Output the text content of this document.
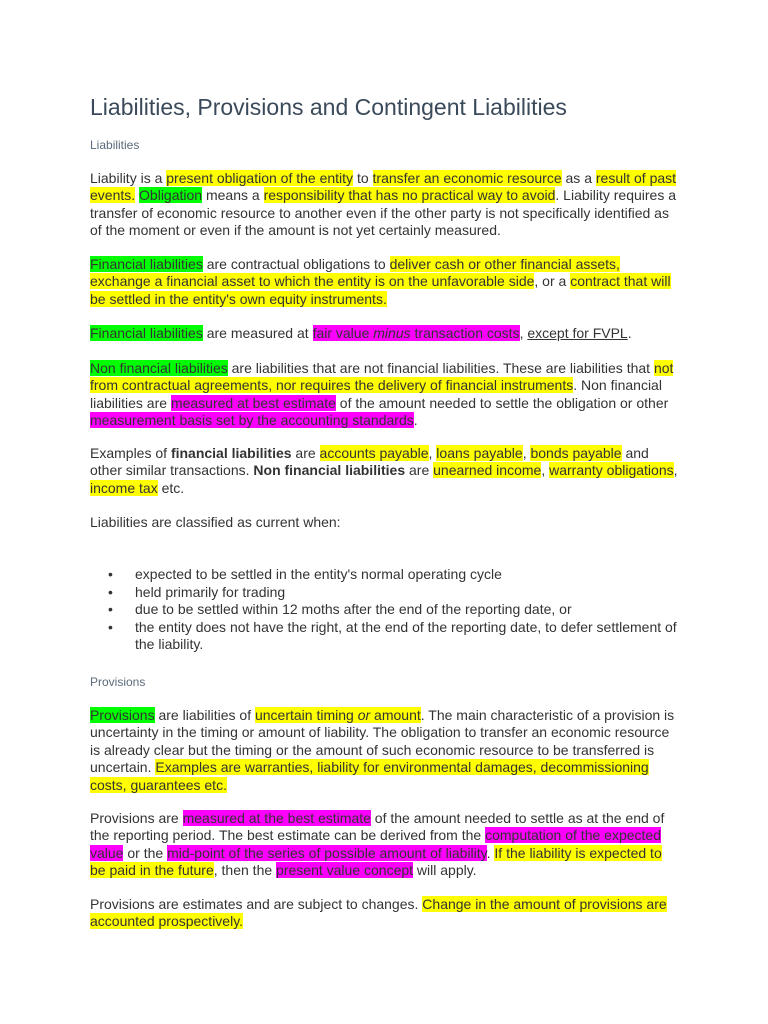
Liabilities, Provisions and Contingent Liabilities
Liabilities

Liability is a present obligation of the entity to transfer an economic resource as a result of past events. Obligation means a responsibility that has no practical way to avoid. Liability requires a transfer of economic resource to another even if the other party is not specifically identified as of the moment or even if the amount is not yet certainly measured.

Financial liabilities are contractual obligations to deliver cash or other financial assets, exchange a financial asset to which the entity is on the unfavorable side, or a contract that will be settled in the entity's own equity instruments.

Financial liabilities are measured at fair value minus transaction costs, except for FVPL.

Non financial liabilities are liabilities that are not financial liabilities. These are liabilities that not from contractual agreements, nor requires the delivery of financial instruments. Non financial liabilities are measured at best estimate of the amount needed to settle the obligation or other measurement basis set by the accounting standards.

Examples of financial liabilities are accounts payable, loans payable, bonds payable and other similar transactions. Non financial liabilities are unearned income, warranty obligations, income tax etc.

Liabilities are classified as current when:

• expected to be settled in the entity's normal operating cycle
• held primarily for trading
• due to be settled within 12 moths after the end of the reporting date, or
• the entity does not have the right, at the end of the reporting date, to defer settlement of the liability.
Provisions

Provisions are liabilities of uncertain timing or amount. The main characteristic of a provision is uncertainty in the timing or amount of liability. The obligation to transfer an economic resource is already clear but the timing or the amount of such economic resource to be transferred is uncertain. Examples are warranties, liability for environmental damages, decommissioning costs, guarantees etc.

Provisions are measured at the best estimate of the amount needed to settle as at the end of the reporting period. The best estimate can be derived from the computation of the expected value or the mid-point of the series of possible amount of liability. If the liability is expected to be paid in the future, then the present value concept will apply.

Provisions are estimates and are subject to changes. Change in the amount of provisions are accounted prospectively.
